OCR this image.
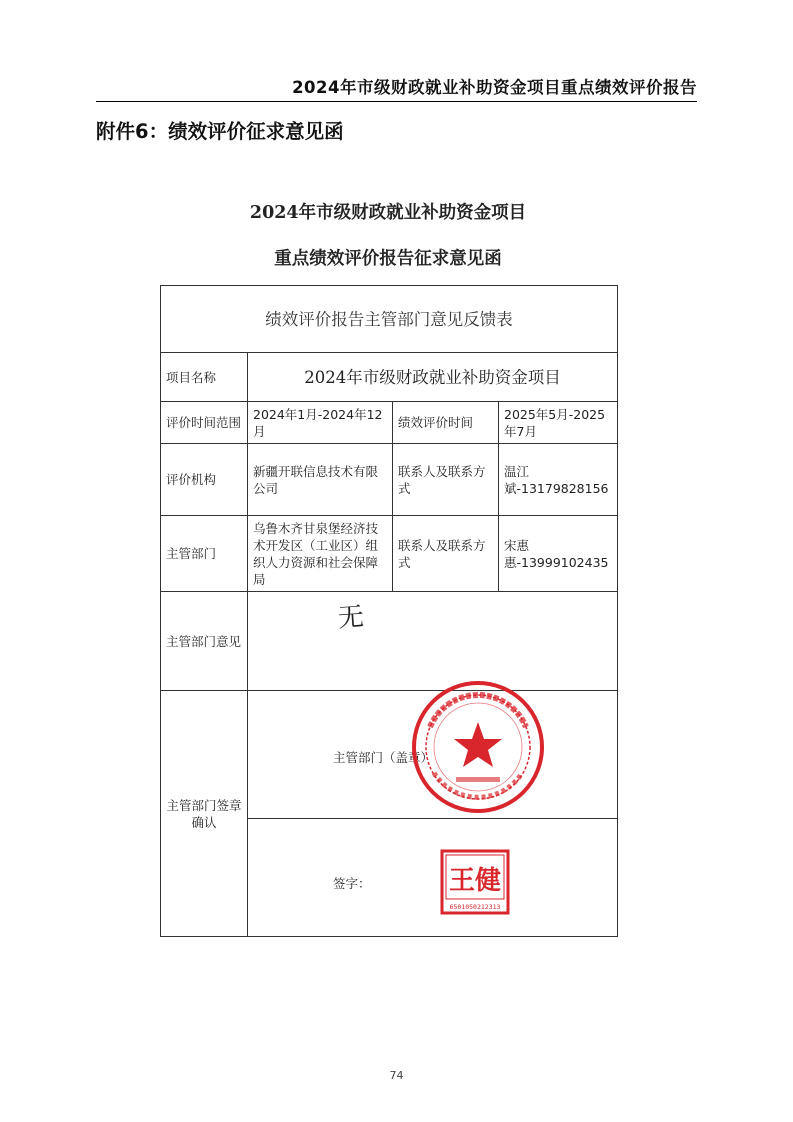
2024年市级财政就业补助资金项目重点绩效评价报告
附件6：绩效评价征求意见函
2024年市级财政就业补助资金项目
重点绩效评价报告征求意见函
绩效评价报告主管部门意见反馈表			
项目名称	2024年市级财政就业补助资金项目		
评价时间范围	2024年1月-2024年12月	绩效评价时间	2025年5月-2025年7月
评价机构	新疆开联信息技术有限公司	联系人及联系方式	温江斌-13179828156
主管部门	乌鲁木齐甘泉堡经济技术开发区（工业区）组织人力资源和社会保障局	联系人及联系方式	宋惠惠-13999102435
主管部门意见	无		

主管部门签章确认	主管部门（盖章）
签字： 王健
6501050212313		
74
